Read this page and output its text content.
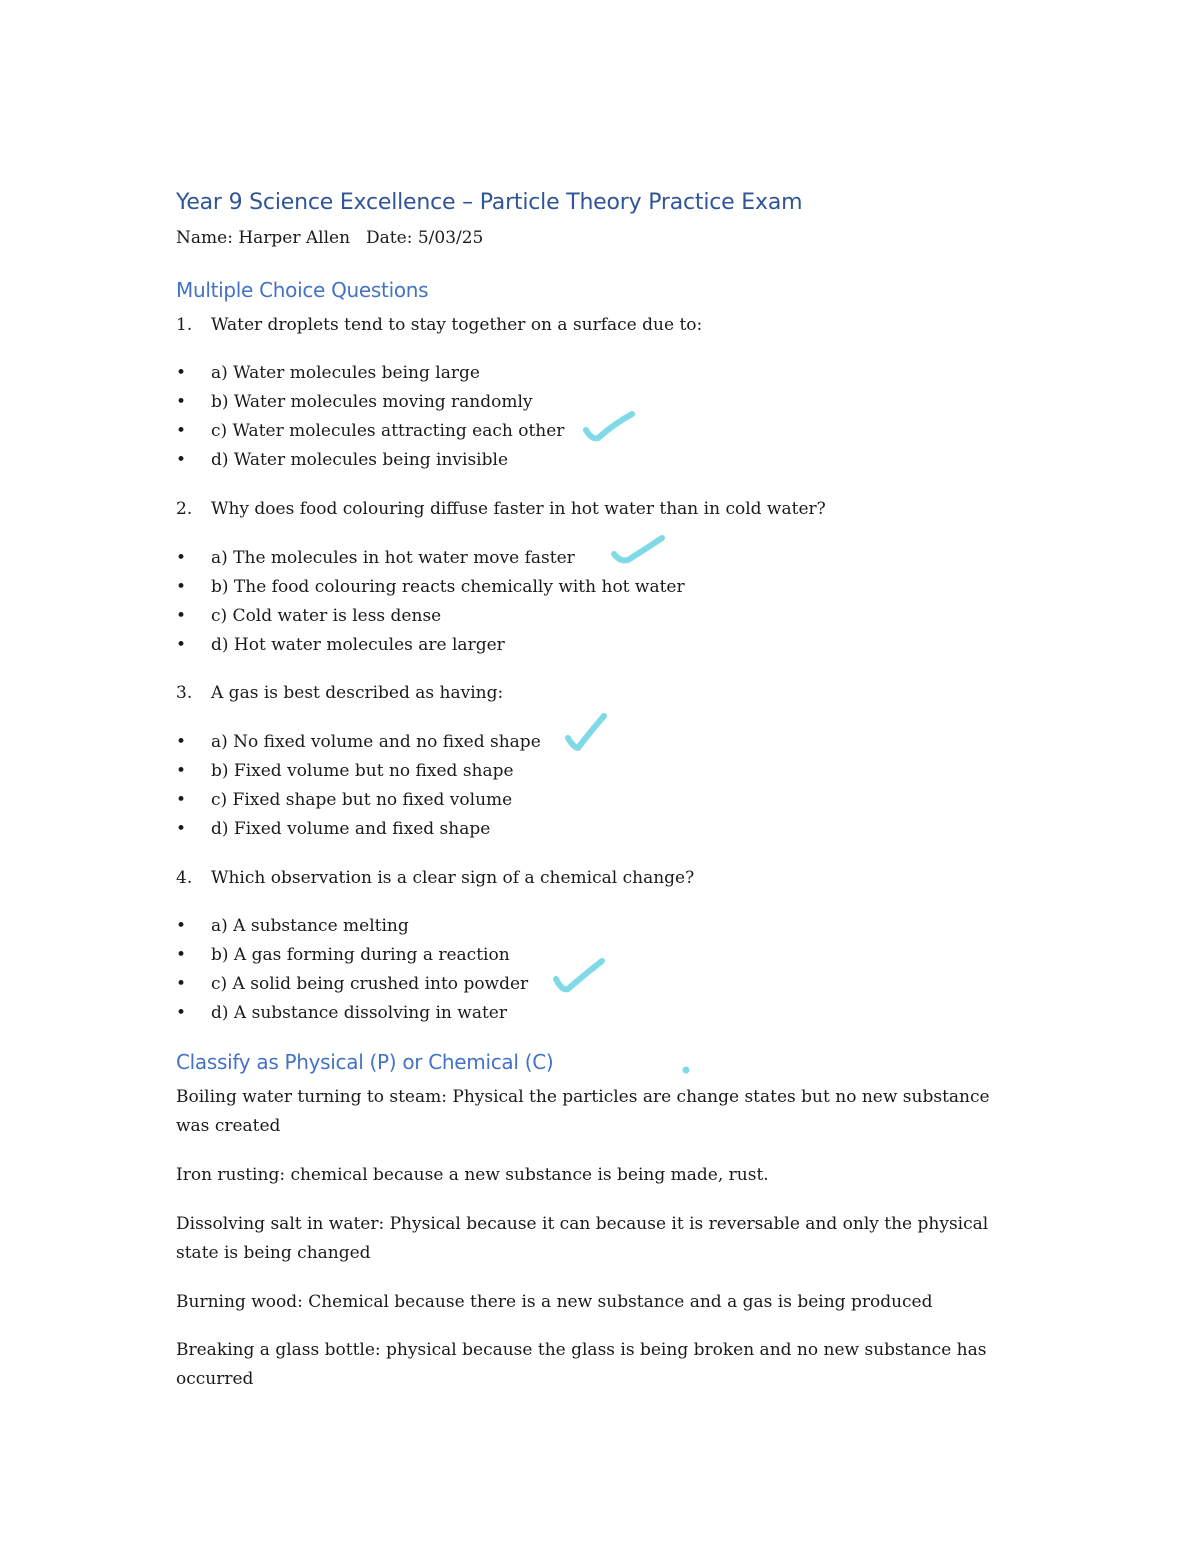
Year 9 Science Excellence – Particle Theory Practice Exam
Name: Harper Allen Date: 5/03/25
Multiple Choice Questions
1. Water droplets tend to stay together on a surface due to:
• a) Water molecules being large
• b) Water molecules moving randomly
• c) Water molecules attracting each other
• d) Water molecules being invisible
2. Why does food colouring diffuse faster in hot water than in cold water?
• a) The molecules in hot water move faster
• b) The food colouring reacts chemically with hot water
• c) Cold water is less dense
• d) Hot water molecules are larger
3. A gas is best described as having:
• a) No fixed volume and no fixed shape
• b) Fixed volume but no fixed shape
• c) Fixed shape but no fixed volume
• d) Fixed volume and fixed shape
4. Which observation is a clear sign of a chemical change?
• a) A substance melting
• b) A gas forming during a reaction
• c) A solid being crushed into powder
• d) A substance dissolving in water
Classify as Physical (P) or Chemical (C)
Boiling water turning to steam: Physical the particles are change states but no new substance was created
Iron rusting: chemical because a new substance is being made, rust.
Dissolving salt in water: Physical because it can because it is reversable and only the physical state is being changed
Burning wood: Chemical because there is a new substance and a gas is being produced
Breaking a glass bottle: physical because the glass is being broken and no new substance has occurred
